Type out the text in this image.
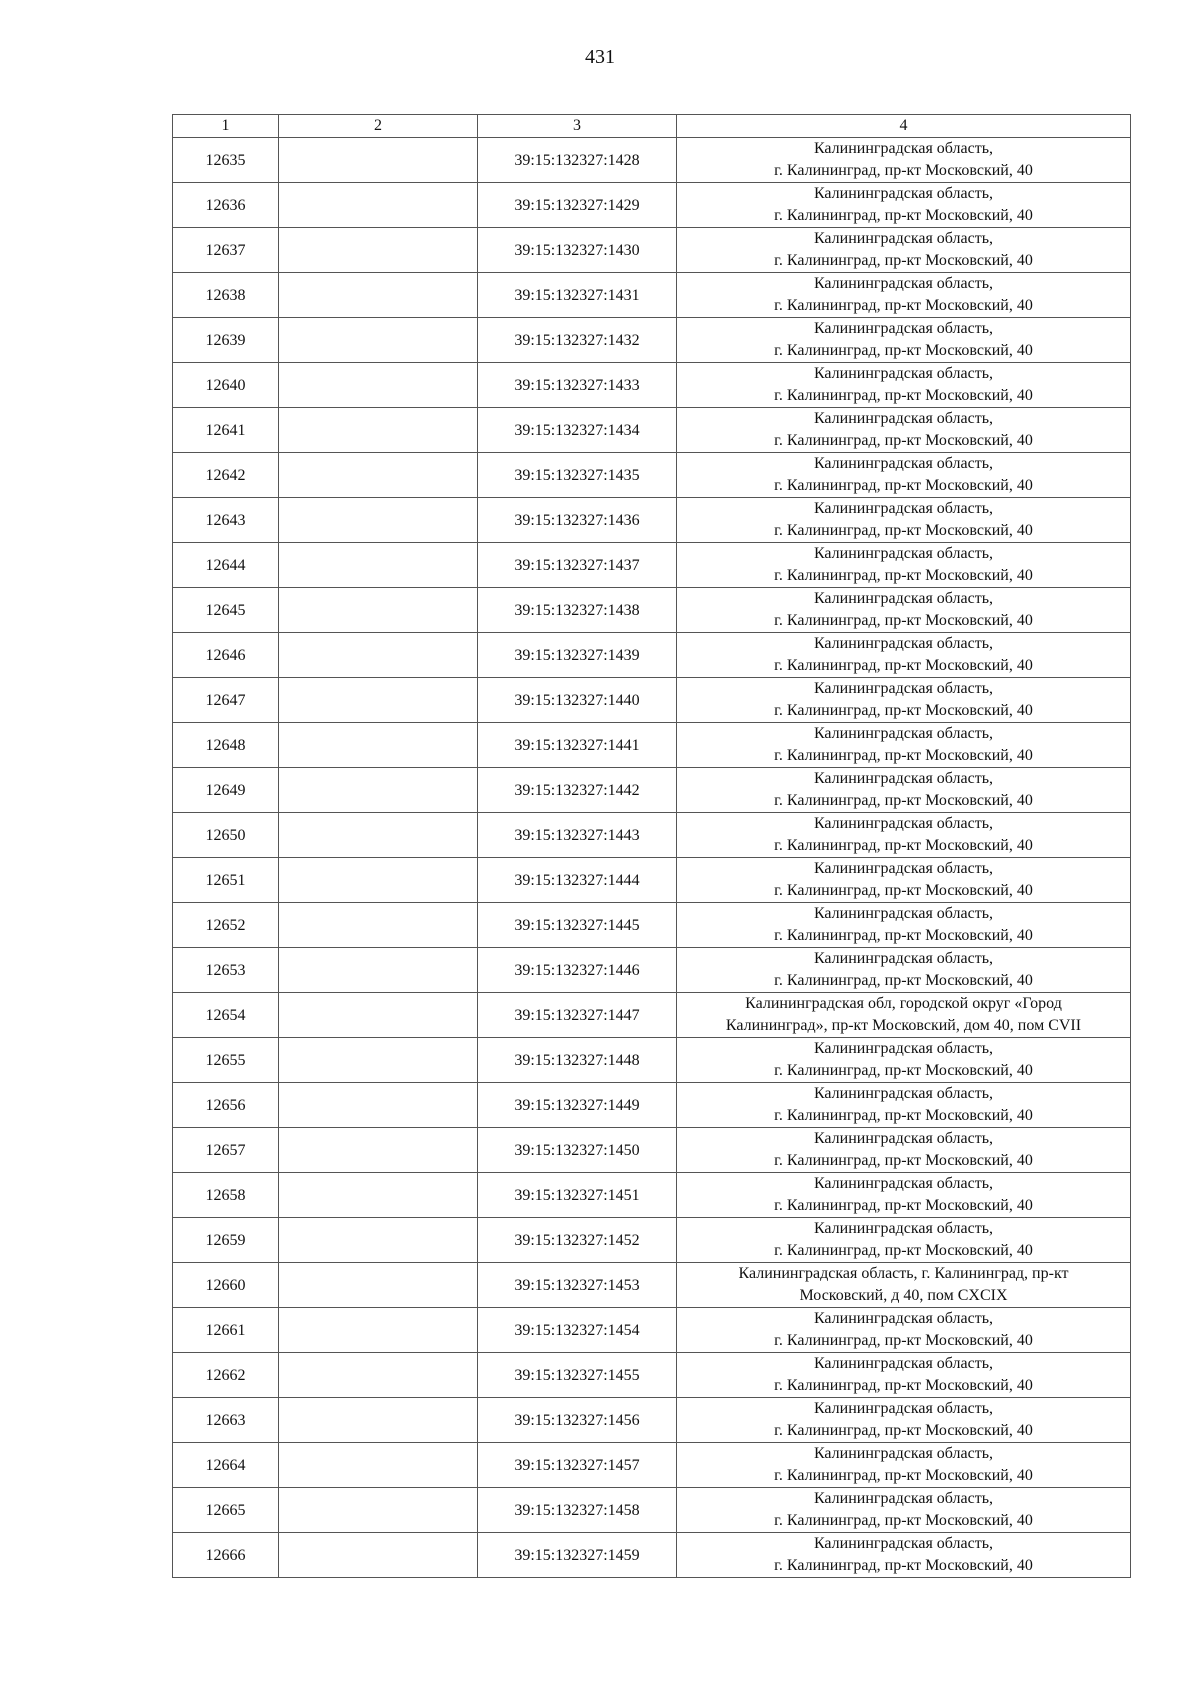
431
1	2	3	4
12635		39:15:132327:1428	Калининградская область,
г. Калининград, пр-кт Московский, 40

12636		39:15:132327:1429	Калининградская область,
г. Калининград, пр-кт Московский, 40

12637		39:15:132327:1430	Калининградская область,
г. Калининград, пр-кт Московский, 40

12638		39:15:132327:1431	Калининградская область,
г. Калининград, пр-кт Московский, 40

12639		39:15:132327:1432	Калининградская область,
г. Калининград, пр-кт Московский, 40

12640		39:15:132327:1433	Калининградская область,
г. Калининград, пр-кт Московский, 40

12641		39:15:132327:1434	Калининградская область,
г. Калининград, пр-кт Московский, 40

12642		39:15:132327:1435	Калининградская область,
г. Калининград, пр-кт Московский, 40

12643		39:15:132327:1436	Калининградская область,
г. Калининград, пр-кт Московский, 40

12644		39:15:132327:1437	Калининградская область,
г. Калининград, пр-кт Московский, 40

12645		39:15:132327:1438	Калининградская область,
г. Калининград, пр-кт Московский, 40

12646		39:15:132327:1439	Калининградская область,
г. Калининград, пр-кт Московский, 40

12647		39:15:132327:1440	Калининградская область,
г. Калининград, пр-кт Московский, 40

12648		39:15:132327:1441	Калининградская область,
г. Калининград, пр-кт Московский, 40

12649		39:15:132327:1442	Калининградская область,
г. Калининград, пр-кт Московский, 40

12650		39:15:132327:1443	Калининградская область,
г. Калининград, пр-кт Московский, 40

12651		39:15:132327:1444	Калининградская область,
г. Калининград, пр-кт Московский, 40

12652		39:15:132327:1445	Калининградская область,
г. Калининград, пр-кт Московский, 40

12653		39:15:132327:1446	Калининградская область,
г. Калининград, пр-кт Московский, 40

12654		39:15:132327:1447	Калининградская обл, городской округ «Город
Калининград», пр-кт Московский, дом 40, пом CVII

12655		39:15:132327:1448	Калининградская область,
г. Калининград, пр-кт Московский, 40

12656		39:15:132327:1449	Калининградская область,
г. Калининград, пр-кт Московский, 40

12657		39:15:132327:1450	Калининградская область,
г. Калининград, пр-кт Московский, 40

12658		39:15:132327:1451	Калининградская область,
г. Калининград, пр-кт Московский, 40

12659		39:15:132327:1452	Калининградская область,
г. Калининград, пр-кт Московский, 40

12660		39:15:132327:1453	Калининградская область, г. Калининград, пр-кт
Московский, д 40, пом CXCIX

12661		39:15:132327:1454	Калининградская область,
г. Калининград, пр-кт Московский, 40

12662		39:15:132327:1455	Калининградская область,
г. Калининград, пр-кт Московский, 40

12663		39:15:132327:1456	Калининградская область,
г. Калининград, пр-кт Московский, 40

12664		39:15:132327:1457	Калининградская область,
г. Калининград, пр-кт Московский, 40

12665		39:15:132327:1458	Калининградская область,
г. Калининград, пр-кт Московский, 40

12666		39:15:132327:1459	Калининградская область,
г. Калининград, пр-кт Московский, 40
